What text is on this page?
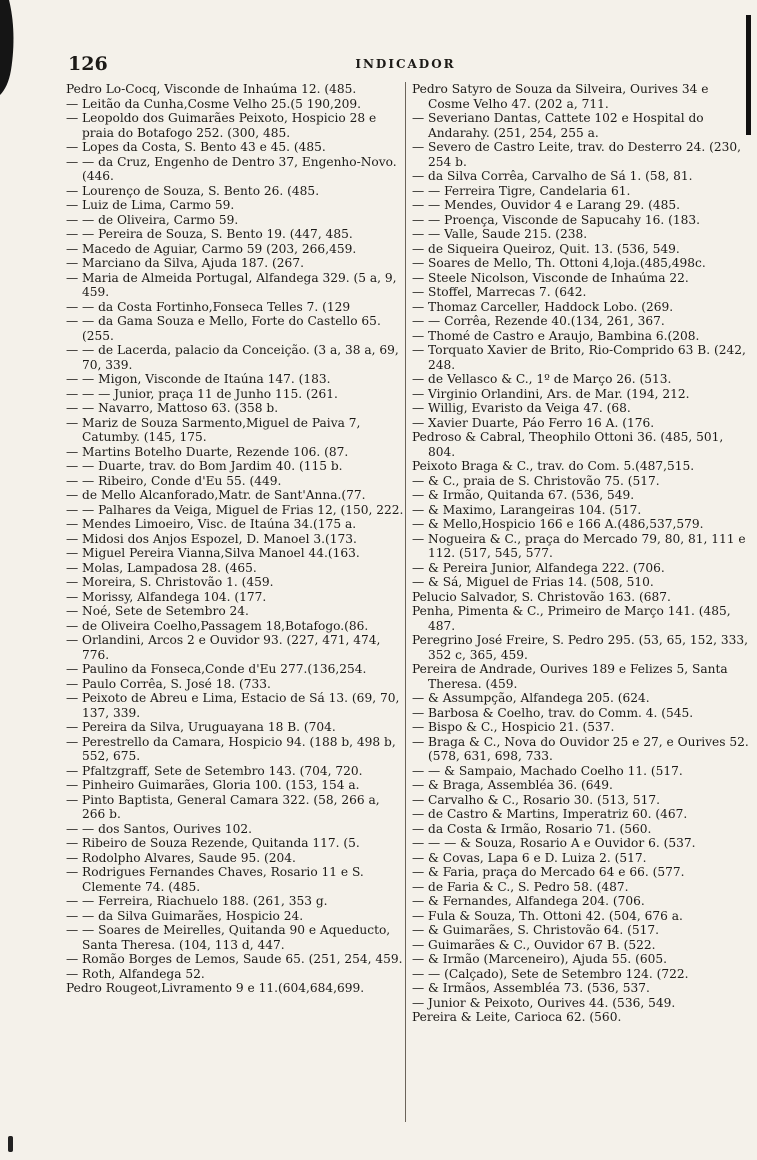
126	INDICADOR

Pedro Lo-Cocq, Visconde de Inhaúma 12. (485.

— Leitão da Cunha,Cosme Velho 25.(5 190,209.

— Leopoldo dos Guimarães Peixoto, Hospicio 28 e praia do Botafogo 252. (300, 485.

— Lopes da Costa, S. Bento 43 e 45. (485.

— — da Cruz, Engenho de Dentro 37, Engenho-Novo. (446.

— Lourenço de Souza, S. Bento 26. (485.

— Luiz de Lima, Carmo 59.

— — de Oliveira, Carmo 59.

— — Pereira de Souza, S. Bento 19. (447, 485.

— Macedo de Aguiar, Carmo 59 (203, 266,459.

— Marciano da Silva, Ajuda 187. (267.

— Maria de Almeida Portugal, Alfandega 329. (5 a, 9, 459.

— — da Costa Fortinho,Fonseca Telles 7. (129

— — da Gama Souza e Mello, Forte do Castello 65. (255.

— — de Lacerda, palacio da Conceição. (3 a, 38 a, 69, 70, 339.

— — Migon, Visconde de Itaúna 147. (183.

— — — Junior, praça 11 de Junho 115. (261.

— — Navarro, Mattoso 63. (358 b.

— Mariz de Souza Sarmento,Miguel de Paiva 7, Catumby. (145, 175.

— Martins Botelho Duarte, Rezende 106. (87.

— — Duarte, trav. do Bom Jardim 40. (115 b.

— — Ribeiro, Conde d'Eu 55. (449.

— de Mello Alcanforado,Matr. de Sant'Anna.(77.

— — Palhares da Veiga, Miguel de Frias 12, (150, 222.

— Mendes Limoeiro, Visc. de Itaúna 34.(175 a.

— Midosi dos Anjos Espozel, D. Manoel 3.(173.

— Miguel Pereira Vianna,Silva Manoel 44.(163.

— Molas, Lampadosa 28. (465.

— Moreira, S. Christovão 1. (459.

— Morissy, Alfandega 104. (177.

— Noé, Sete de Setembro 24.

— de Oliveira Coelho,Passagem 18,Botafogo.(86.

— Orlandini, Arcos 2 e Ouvidor 93. (227, 471, 474, 776.

— Paulino da Fonseca,Conde d'Eu 277.(136,254.

— Paulo Corrêa, S. José 18. (733.

— Peixoto de Abreu e Lima, Estacio de Sá 13. (69, 70, 137, 339.

— Pereira da Silva, Uruguayana 18 B. (704.

— Perestrello da Camara, Hospicio 94. (188 b, 498 b, 552, 675.

— Pfaltzgraff, Sete de Setembro 143. (704, 720.

— Pinheiro Guimarães, Gloria 100. (153, 154 a.

— Pinto Baptista, General Camara 322. (58, 266 a, 266 b.

— — dos Santos, Ourives 102.

— Ribeiro de Souza Rezende, Quitanda 117. (5.

— Rodolpho Alvares, Saude 95. (204.

— Rodrigues Fernandes Chaves, Rosario 11 e S. Clemente 74. (485.

— — Ferreira, Riachuelo 188. (261, 353 g.

— — da Silva Guimarães, Hospicio 24.

— — Soares de Meirelles, Quitanda 90 e Aqueducto, Santa Theresa. (104, 113 d, 447.

— Romão Borges de Lemos, Saude 65. (251, 254, 459.

— Roth, Alfandega 52.

Pedro Rougeot,Livramento 9 e 11.(604,684,699.

Pedro Satyro de Souza da Silveira, Ourives 34 e Cosme Velho 47. (202 a, 711.

— Severiano Dantas, Cattete 102 e Hospital do Andarahy. (251, 254, 255 a.

— Severo de Castro Leite, trav. do Desterro 24. (230, 254 b.

— da Silva Corrêa, Carvalho de Sá 1. (58, 81.

— — Ferreira Tigre, Candelaria 61.

— — Mendes, Ouvidor 4 e Larang 29. (485.

— — Proença, Visconde de Sapucahy 16. (183.

— — Valle, Saude 215. (238.

— de Siqueira Queiroz, Quit. 13. (536, 549.

— Soares de Mello, Th. Ottoni 4,loja.(485,498c.

— Steele Nicolson, Visconde de Inhaúma 22.

— Stoffel, Marrecas 7. (642.

— Thomaz Carceller, Haddock Lobo. (269.

— — Corrêa, Rezende 40.(134, 261, 367.

— Thomé de Castro e Araujo, Bambina 6.(208.

— Torquato Xavier de Brito, Rio-Comprido 63 B. (242, 248.

— de Vellasco & C., 1º de Março 26. (513.

— Virginio Orlandini, Ars. de Mar. (194, 212.

— Willig, Evaristo da Veiga 47. (68.

— Xavier Duarte, Páo Ferro 16 A. (176.

Pedroso & Cabral, Theophilo Ottoni 36. (485, 501, 804.

Peixoto Braga & C., trav. do Com. 5.(487,515.

— & C., praia de S. Christovão 75. (517.

— & Irmão, Quitanda 67. (536, 549.

— & Maximo, Larangeiras 104. (517.

— & Mello,Hospicio 166 e 166 A.(486,537,579.

— Nogueira & C., praça do Mercado 79, 80, 81, 111 e 112. (517, 545, 577.

— & Pereira Junior, Alfandega 222. (706.

— & Sá, Miguel de Frias 14. (508, 510.

Pelucio Salvador, S. Christovão 163. (687.

Penha, Pimenta & C., Primeiro de Março 141. (485, 487.

Peregrino José Freire, S. Pedro 295. (53, 65, 152, 333, 352 c, 365, 459.

Pereira de Andrade, Ourives 189 e Felizes 5, Santa Theresa. (459.

— & Assumpção, Alfandega 205. (624.

— Barbosa & Coelho, trav. do Comm. 4. (545.

— Bispo & C., Hospicio 21. (537.

— Braga & C., Nova do Ouvidor 25 e 27, e Ourives 52. (578, 631, 698, 733.

— — & Sampaio, Machado Coelho 11. (517.

— & Braga, Assembléa 36. (649.

— Carvalho & C., Rosario 30. (513, 517.

— de Castro & Martins, Imperatriz 60. (467.

— da Costa & Irmão, Rosario 71. (560.

— — — & Souza, Rosario A e Ouvidor 6. (537.

— & Covas, Lapa 6 e D. Luiza 2. (517.

— & Faria, praça do Mercado 64 e 66. (577.

— de Faria & C., S. Pedro 58. (487.

— & Fernandes, Alfandega 204. (706.

— Fula & Souza, Th. Ottoni 42. (504, 676 a.

— & Guimarães, S. Christovão 64. (517.

— Guimarães & C., Ouvidor 67 B. (522.

— & Irmão (Marceneiro), Ajuda 55. (605.

— — (Calçado), Sete de Setembro 124. (722.

— & Irmãos, Assembléa 73. (536, 537.

— Junior & Peixoto, Ourives 44. (536, 549.

Pereira & Leite, Carioca 62. (560.
